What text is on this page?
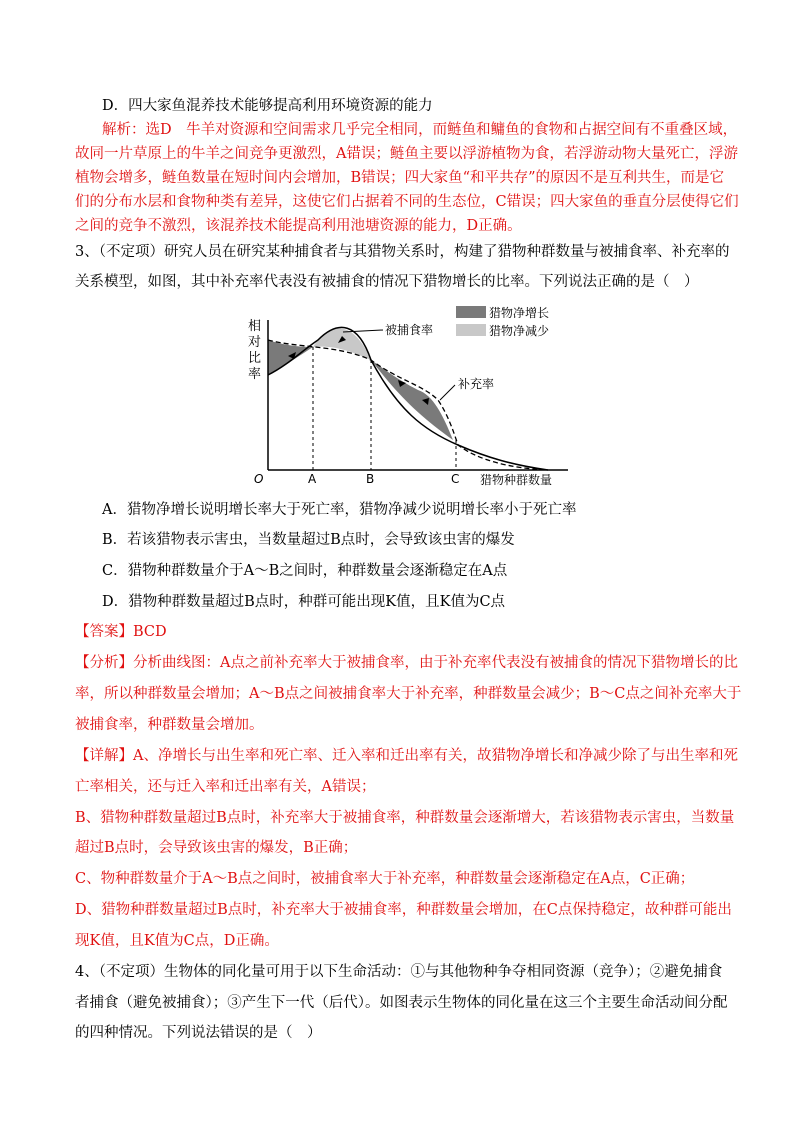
D．四大家鱼混养技术能够提高利用环境资源的能力
解析：选D　牛羊对资源和空间需求几乎完全相同，而鲢鱼和鳙鱼的食物和占据空间有不重叠区域，
故同一片草原上的牛羊之间竞争更激烈，A错误；鲢鱼主要以浮游植物为食，若浮游动物大量死亡，浮游
植物会增多，鲢鱼数量在短时间内会增加，B错误；四大家鱼“和平共存”的原因不是互利共生，而是它
们的分布水层和食物种类有差异，这使它们占据着不同的生态位，C错误；四大家鱼的垂直分层使得它们
之间的竞争不激烈，该混养技术能提高利用池塘资源的能力，D正确。
3、（不定项）研究人员在研究某种捕食者与其猎物关系时，构建了猎物种群数量与被捕食率、补充率的
关系模型，如图，其中补充率代表没有被捕食的情况下猎物增长的比率。下列说法正确的是（　）
相
对
比
率
O	A	B	C 猎物种群数量
被捕食率
补充率
猎物净增长
猎物净减少
A．猎物净增长说明增长率大于死亡率，猎物净减少说明增长率小于死亡率
B．若该猎物表示害虫，当数量超过B点时，会导致该虫害的爆发
C．猎物种群数量介于A～B之间时，种群数量会逐渐稳定在A点
D．猎物种群数量超过B点时，种群可能出现K值，且K值为C点
【答案】BCD
【分析】分析曲线图：A点之前补充率大于被捕食率，由于补充率代表没有被捕食的情况下猎物增长的比
率，所以种群数量会增加；A～B点之间被捕食率大于补充率，种群数量会减少；B～C点之间补充率大于
被捕食率，种群数量会增加。
【详解】A、净增长与出生率和死亡率、迁入率和迁出率有关，故猎物净增长和净减少除了与出生率和死
亡率相关，还与迁入率和迁出率有关，A错误；
B、猎物种群数量超过B点时，补充率大于被捕食率，种群数量会逐渐增大，若该猎物表示害虫，当数量
超过B点时，会导致该虫害的爆发，B正确；
C、物种群数量介于A～B点之间时，被捕食率大于补充率，种群数量会逐渐稳定在A点，C正确；
D、猎物种群数量超过B点时，补充率大于被捕食率，种群数量会增加，在C点保持稳定，故种群可能出
现K值，且K值为C点，D正确。
4、（不定项）生物体的同化量可用于以下生命活动：①与其他物种争夺相同资源（竞争）；②避免捕食
者捕食（避免被捕食）；③产生下一代（后代）。如图表示生物体的同化量在这三个主要生命活动间分配
的四种情况。下列说法错误的是（　）
